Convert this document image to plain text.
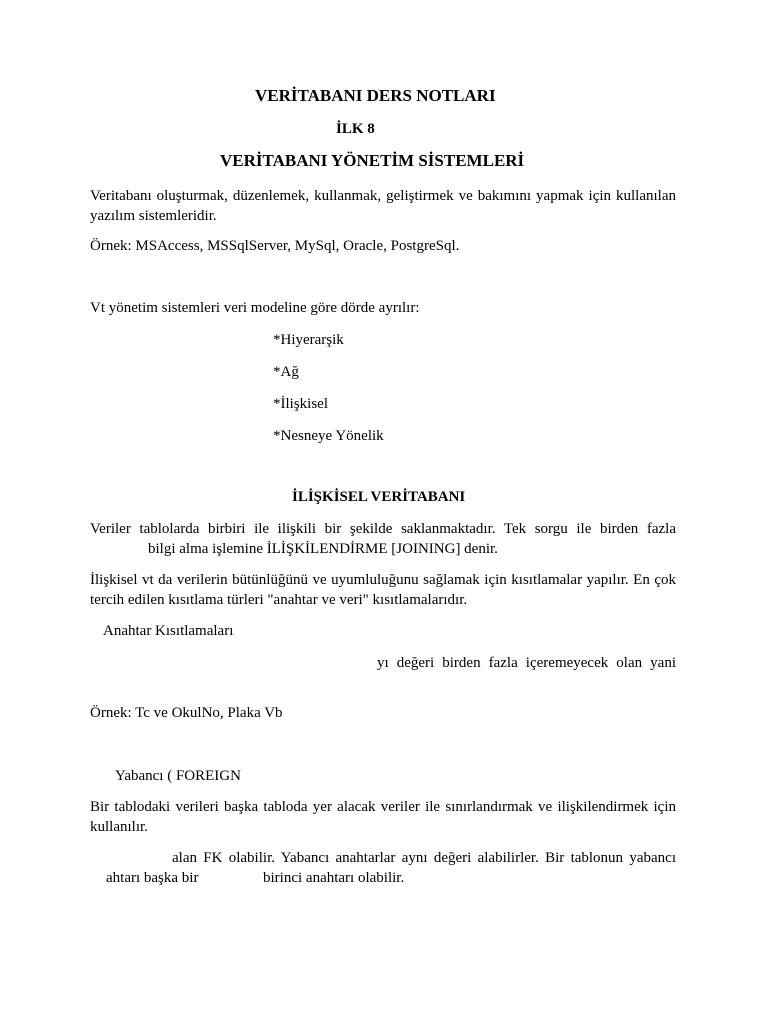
VERİTABANI DERS NOTLARI

İLK 8

VERİTABANI YÖNETİM SİSTEMLERİ

Veritabanı oluşturmak, düzenlemek, kullanmak, geliştirmek ve bakımını yapmak için kullanılan yazılım sistemleridir.

Örnek: MSAccess, MSSqlServer, MySql, Oracle, PostgreSql.

Vt yönetim sistemleri veri modeline göre dörde ayrılır:

*Hiyerarşik

*Ağ

*İlişkisel

*Nesneye Yönelik

İLİŞKİSEL VERİTABANI

Veriler tablolarda birbiri ile ilişkili bir şekilde saklanmaktadır. Tek sorgu ile birden fazla

bilgi alma işlemine İLİŞKİLENDİRME [JOINING] denir.

İlişkisel vt da verilerin bütünlüğünü ve uyumluluğunu sağlamak için kısıtlamalar yapılır. En çok tercih edilen kısıtlama türleri "anahtar ve veri" kısıtlamalarıdır.

Anahtar Kısıtlamaları

yı değeri birden fazla içeremeyecek olan yani

Örnek: Tc ve OkulNo, Plaka Vb

Yabancı ( FOREIGN

Bir tablodaki verileri başka tabloda yer alacak veriler ile sınırlandırmak ve ilişkilendirmek için kullanılır.

alan FK olabilir. Yabancı anahtarlar aynı değeri alabilirler. Bir tablonun yabancı

ahtarı başka bir	birinci anahtarı olabilir.
